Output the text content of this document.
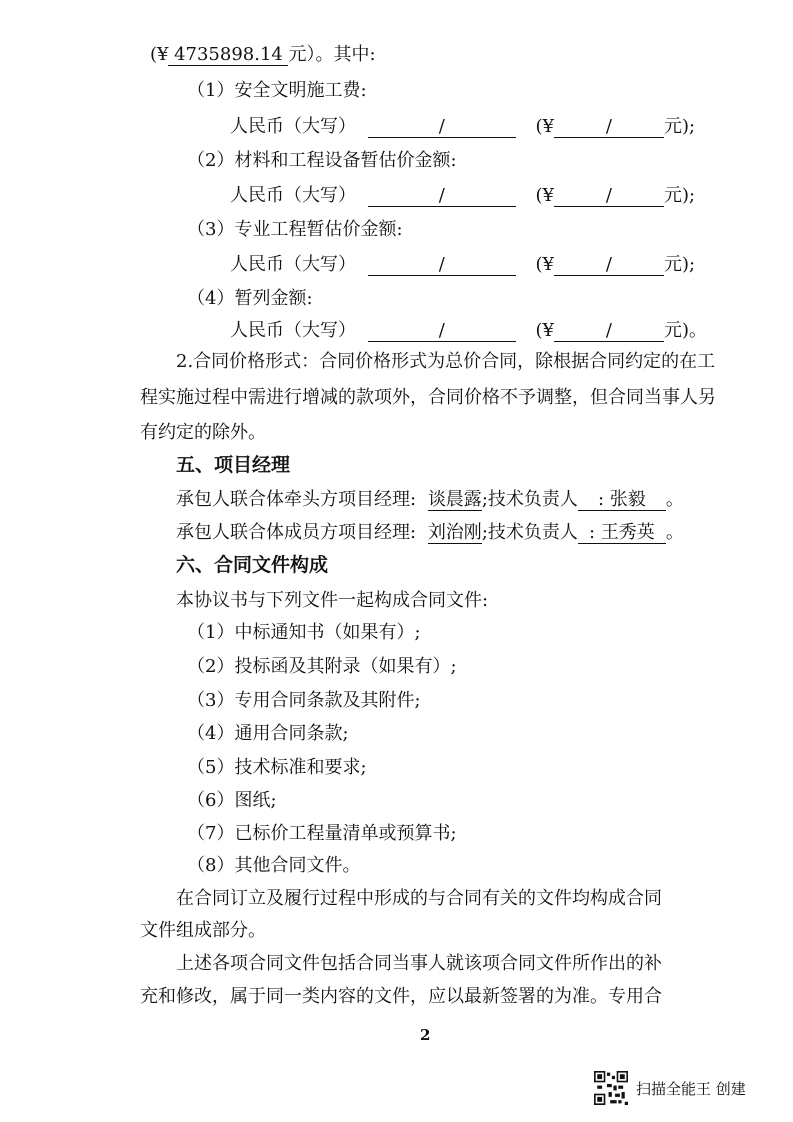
(¥4735898.14元）。其中:
（1）安全文明施工费:
人民币（大写）	/	(¥	/	元);
（2）材料和工程设备暂估价金额:
人民币（大写）	/	(¥	/	元);
（3）专业工程暂估价金额:
人民币（大写）	/	(¥	/	元);
（4）暂列金额:
人民币（大写）	/	(¥	/	元)。
2.合同价格形式：合同价格形式为总价合同，除根据合同约定的在工
程实施过程中需进行增减的款项外，合同价格不予调整，但合同当事人另
有约定的除外。
五、项目经理
承包人联合体牵头方项目经理: 谈晨露;技术负责人 : 张毅。
承包人联合体成员方项目经理: 刘治刚;技术负责人 : 王秀英 。
六、合同文件构成
本协议书与下列文件一起构成合同文件:
（1）中标通知书（如果有）;
（2）投标函及其附录（如果有）;
（3）专用合同条款及其附件;
（4）通用合同条款;
（5）技术标准和要求;
（6）图纸;
（7）已标价工程量清单或预算书;
（8）其他合同文件。
在合同订立及履行过程中形成的与合同有关的文件均构成合同
文件组成部分。
上述各项合同文件包括合同当事人就该项合同文件所作出的补
充和修改，属于同一类内容的文件，应以最新签署的为准。专用合
2
扫描全能王 创建
